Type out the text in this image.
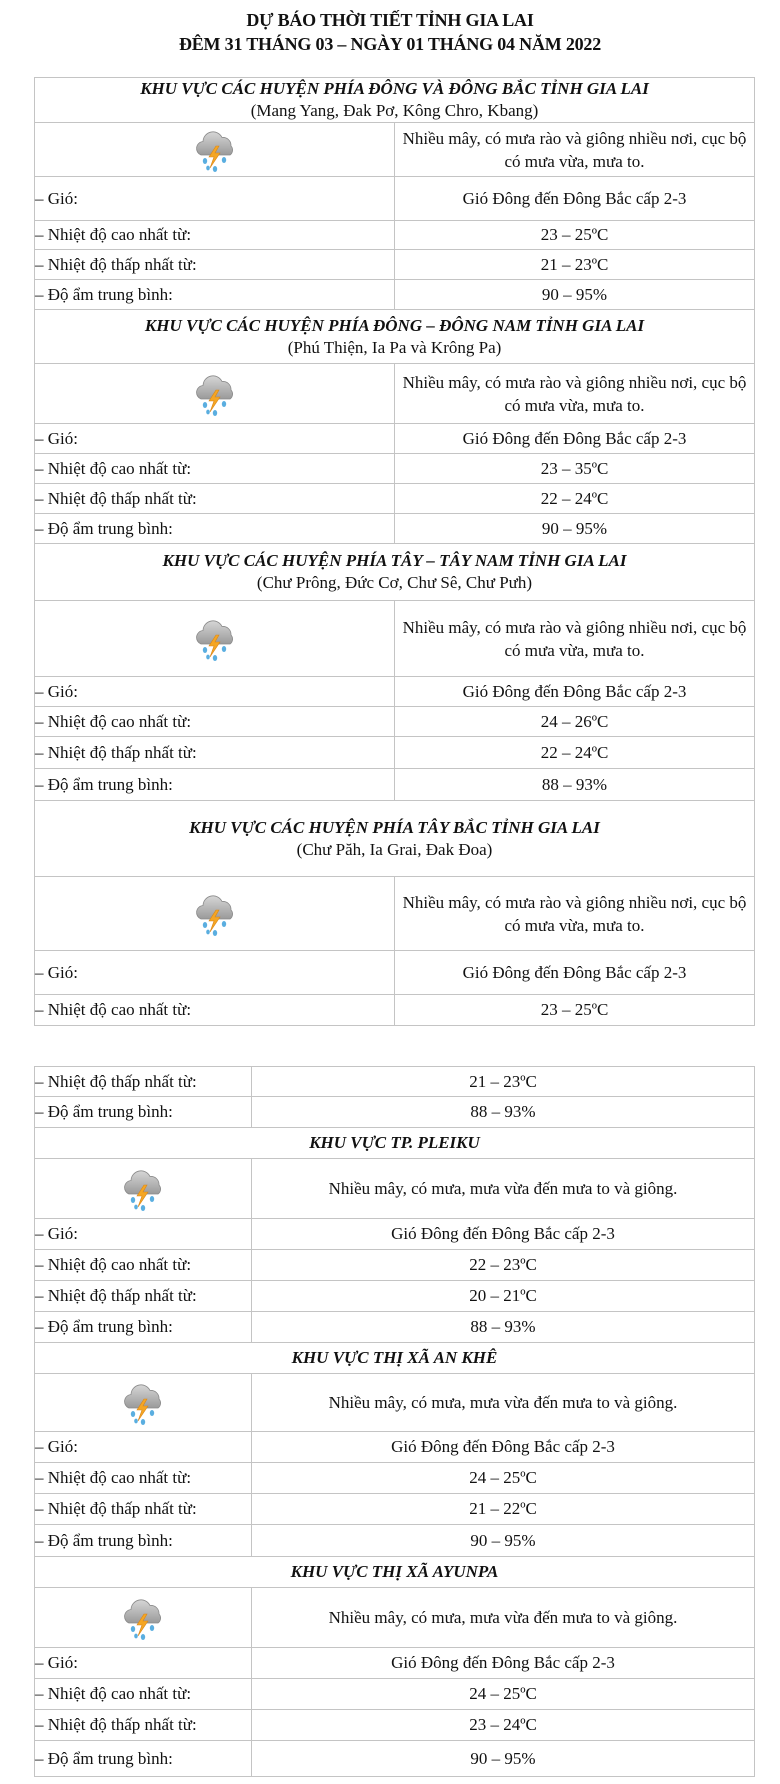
DỰ BÁO THỜI TIẾT TỈNH GIA LAI
ĐÊM 31 THÁNG 03 – NGÀY 01 THÁNG 04 NĂM 2022
KHU VỰC CÁC HUYỆN PHÍA ĐÔNG VÀ ĐÔNG BẮC TỈNH GIA LAI
(Mang Yang, Đak Pơ, Kông Chro, Kbang)	

	Nhiều mây, có mưa rào và giông nhiều nơi, cục bộ có mưa vừa, mưa to.
– Gió:	Gió Đông đến Đông Bắc cấp 2-3
– Nhiệt độ cao nhất từ:	23 – 25ºC
– Nhiệt độ thấp nhất từ:	21 – 23ºC
– Độ ẩm trung bình:	90 – 95%

KHU VỰC CÁC HUYỆN PHÍA ĐÔNG – ĐÔNG NAM TỈNH GIA LAI
(Phú Thiện, Ia Pa và Krông Pa)	

	Nhiều mây, có mưa rào và giông nhiều nơi, cục bộ có mưa vừa, mưa to.
– Gió:	Gió Đông đến Đông Bắc cấp 2-3
– Nhiệt độ cao nhất từ:	23 – 35ºC
– Nhiệt độ thấp nhất từ:	22 – 24ºC
– Độ ẩm trung bình:	90 – 95%

KHU VỰC CÁC HUYỆN PHÍA TÂY – TÂY NAM TỈNH GIA LAI
(Chư Prông, Đức Cơ, Chư Sê, Chư Pưh)	

	Nhiều mây, có mưa rào và giông nhiều nơi, cục bộ có mưa vừa, mưa to.
– Gió:	Gió Đông đến Đông Bắc cấp 2-3
– Nhiệt độ cao nhất từ:	24 – 26ºC
– Nhiệt độ thấp nhất từ:	22 – 24ºC
– Độ ẩm trung bình:	88 – 93%

KHU VỰC CÁC HUYỆN PHÍA TÂY BẮC TỈNH GIA LAI
(Chư Păh, Ia Grai, Đak Đoa)	

	Nhiều mây, có mưa rào và giông nhiều nơi, cục bộ có mưa vừa, mưa to.
– Gió:	Gió Đông đến Đông Bắc cấp 2-3
– Nhiệt độ cao nhất từ:	23 – 25ºC
– Nhiệt độ thấp nhất từ:	21 – 23ºC
– Độ ẩm trung bình:	88 – 93%

KHU VỰC TP. PLEIKU	

	Nhiều mây, có mưa, mưa vừa đến mưa to và giông.
– Gió:	Gió Đông đến Đông Bắc cấp 2-3
– Nhiệt độ cao nhất từ:	22 – 23ºC
– Nhiệt độ thấp nhất từ:	20 – 21ºC
– Độ ẩm trung bình:	88 – 93%

KHU VỰC THỊ XÃ AN KHÊ	

	Nhiều mây, có mưa, mưa vừa đến mưa to và giông.
– Gió:	Gió Đông đến Đông Bắc cấp 2-3
– Nhiệt độ cao nhất từ:	24 – 25ºC
– Nhiệt độ thấp nhất từ:	21 – 22ºC
– Độ ẩm trung bình:	90 – 95%

KHU VỰC THỊ XÃ AYUNPA	

	Nhiều mây, có mưa, mưa vừa đến mưa to và giông.
– Gió:	Gió Đông đến Đông Bắc cấp 2-3
– Nhiệt độ cao nhất từ:	24 – 25ºC
– Nhiệt độ thấp nhất từ:	23 – 24ºC
– Độ ẩm trung bình:	90 – 95%
